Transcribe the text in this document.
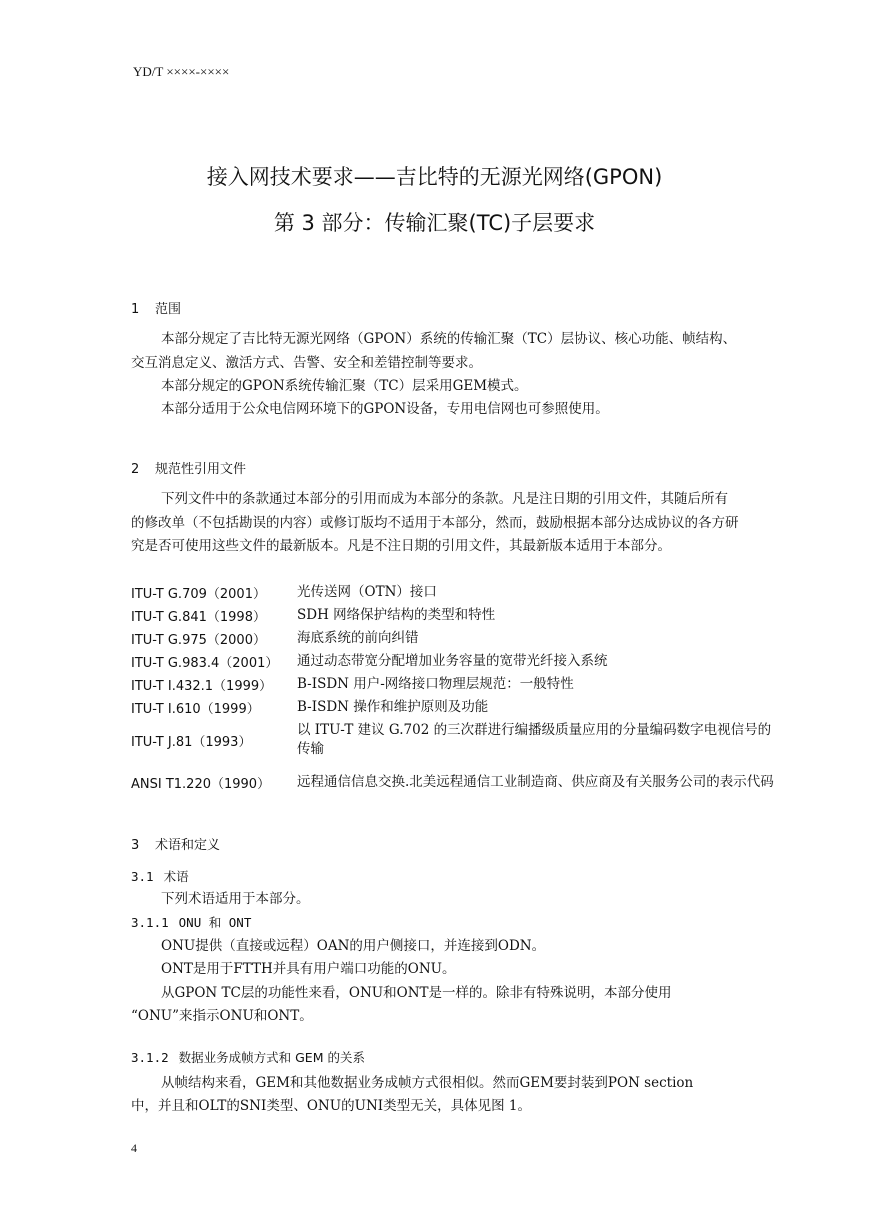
YD/T ××××-××××
接入网技术要求——吉比特的无源光网络(GPON)
第 3 部分：传输汇聚(TC)子层要求
1 范围

本部分规定了吉比特无源光网络（GPON）系统的传输汇聚（TC）层协议、核心功能、帧结构、交互消息定义、激活方式、告警、安全和差错控制等要求。

本部分规定的GPON系统传输汇聚（TC）层采用GEM模式。

本部分适用于公众电信网环境下的GPON设备，专用电信网也可参照使用。

2 规范性引用文件

下列文件中的条款通过本部分的引用而成为本部分的条款。凡是注日期的引用文件，其随后所有的修改单（不包括勘误的内容）或修订版均不适用于本部分，然而，鼓励根据本部分达成协议的各方研究是否可使用这些文件的最新版本。凡是不注日期的引用文件，其最新版本适用于本部分。

ITU-T G.709（2001）	光传送网（OTN）接口
ITU-T G.841（1998）	SDH 网络保护结构的类型和特性
ITU-T G.975（2000）	海底系统的前向纠错
ITU-T G.983.4（2001）	通过动态带宽分配增加业务容量的宽带光纤接入系统
ITU-T I.432.1（1999）	B-ISDN 用户-网络接口物理层规范：一般特性
ITU-T I.610（1999）	B-ISDN 操作和维护原则及功能
ITU-T J.81（1993）	以 ITU-T 建议 G.702 的三次群进行编播级质量应用的分量编码数字电视信号的传输
ANSI T1.220（1990）	远程通信信息交换.北美远程通信工业制造商、供应商及有关服务公司的表示代码
3 术语和定义
3.1 术语
下列术语适用于本部分。
3.1.1 ONU 和 ONT
ONU提供（直接或远程）OAN的用户侧接口，并连接到ODN。
ONT是用于FTTH并具有用户端口功能的ONU。
从GPON TC层的功能性来看，ONU和ONT是一样的。除非有特殊说明，本部分使用
“ONU”来指示ONU和ONT。
3.1.2 数据业务成帧方式和 GEM 的关系
从帧结构来看，GEM和其他数据业务成帧方式很相似。然而GEM要封装到PON section
中，并且和OLT的SNI类型、ONU的UNI类型无关，具体见图 1。
4
